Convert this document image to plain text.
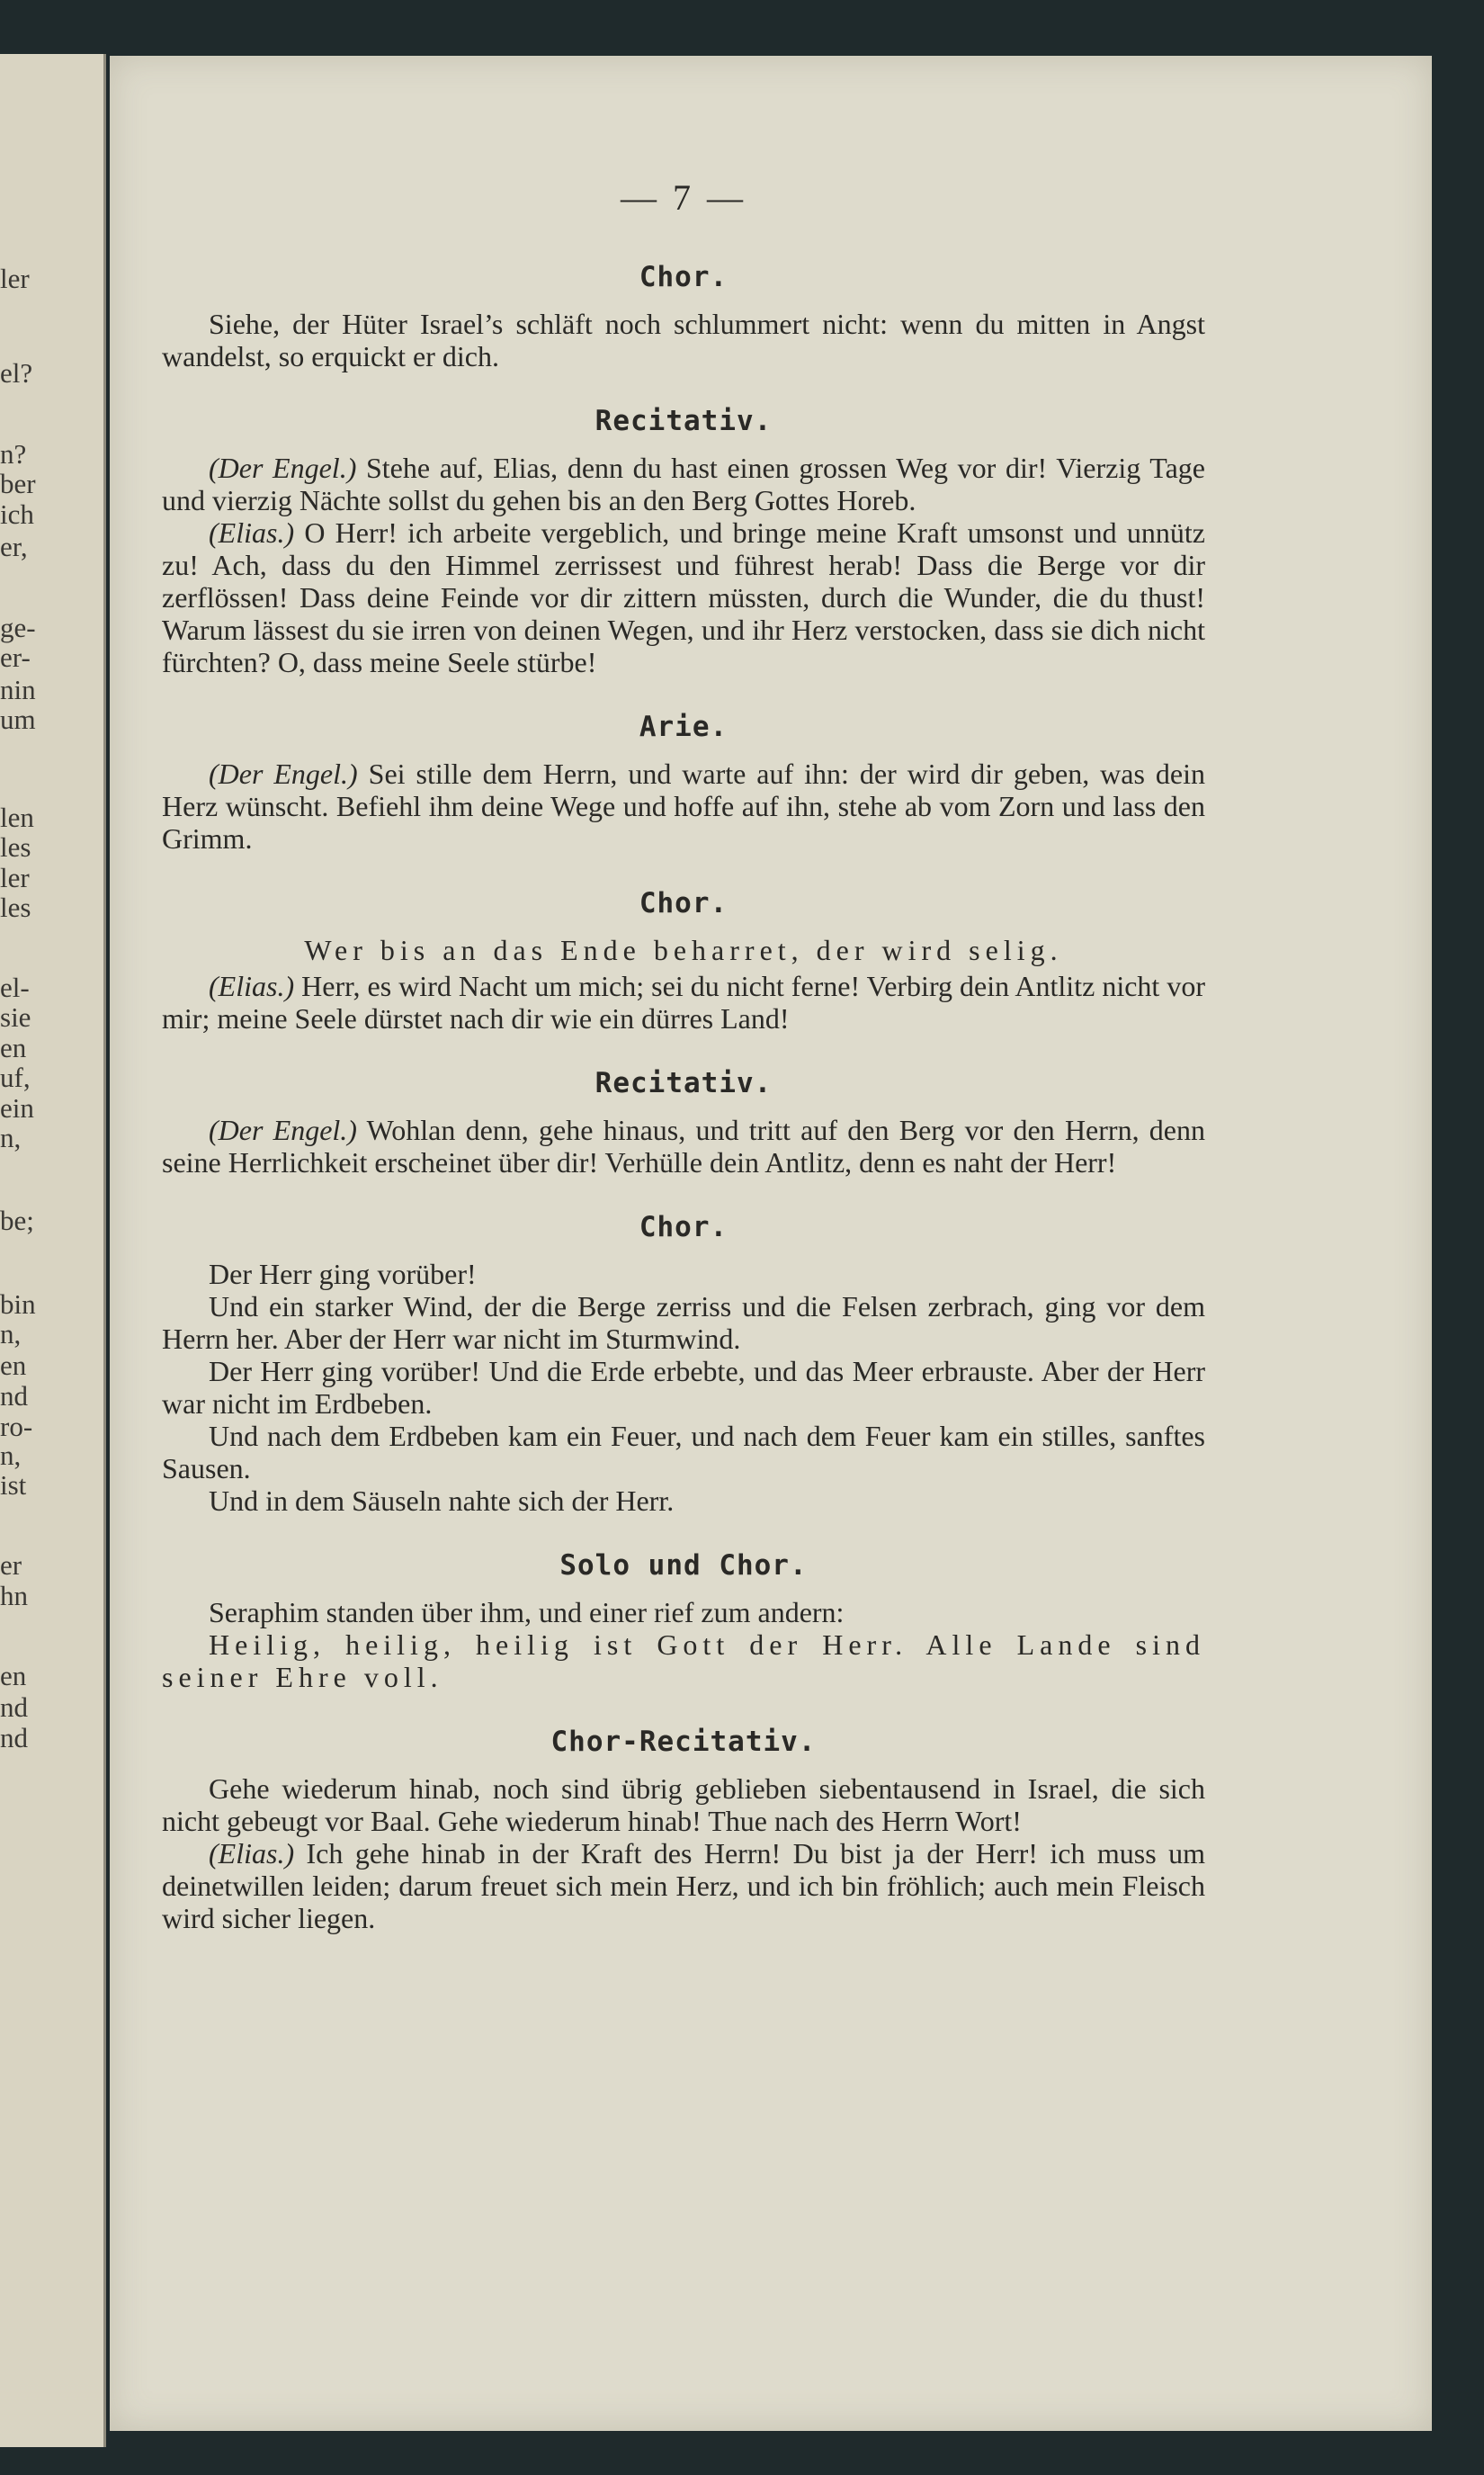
ler
el?
n?
ber
ich
er,
ge-
er-
nin
um
len
les
ler
les
el-
sie
en
uf,
ein
n,
be;
bin
n,
en
nd
ro-
n,
ist
er
hn
en
nd
nd
— 7 —
Chor.

Siehe, der Hüter Israel’s schläft noch schlummert nicht: wenn du mitten in Angst wandelst, so erquickt er dich.

Recitativ.

(Der Engel.) Stehe auf, Elias, denn du hast einen grossen Weg vor dir! Vierzig Tage und vierzig Nächte sollst du gehen bis an den Berg Gottes Horeb.

(Elias.) O Herr! ich arbeite vergeblich, und bringe meine Kraft umsonst und unnütz zu! Ach, dass du den Himmel zerrissest und führest herab! Dass die Berge vor dir zerflössen! Dass deine Feinde vor dir zittern müssten, durch die Wunder, die du thust! Warum lässest du sie irren von deinen Wegen, und ihr Herz verstocken, dass sie dich nicht fürchten? O, dass meine Seele stürbe!

Arie.

(Der Engel.) Sei stille dem Herrn, und warte auf ihn: der wird dir geben, was dein Herz wünscht. Befiehl ihm deine Wege und hoffe auf ihn, stehe ab vom Zorn und lass den Grimm.

Chor.

Wer bis an das Ende beharret, der wird selig.

(Elias.) Herr, es wird Nacht um mich; sei du nicht ferne! Verbirg dein Antlitz nicht vor mir; meine Seele dürstet nach dir wie ein dürres Land!

Recitativ.

(Der Engel.) Wohlan denn, gehe hinaus, und tritt auf den Berg vor den Herrn, denn seine Herrlichkeit erscheinet über dir! Verhülle dein Antlitz, denn es naht der Herr!

Chor.

Der Herr ging vorüber!

Und ein starker Wind, der die Berge zerriss und die Felsen zerbrach, ging vor dem Herrn her. Aber der Herr war nicht im Sturmwind.

Der Herr ging vorüber! Und die Erde erbebte, und das Meer erbrauste. Aber der Herr war nicht im Erdbeben.

Und nach dem Erdbeben kam ein Feuer, und nach dem Feuer kam ein stilles, sanftes Sausen.

Und in dem Säuseln nahte sich der Herr.

Solo und Chor.

Seraphim standen über ihm, und einer rief zum andern:

Heilig, heilig, heilig ist Gott der Herr. Alle Lande sind seiner Ehre voll.

Chor-Recitativ.

Gehe wiederum hinab, noch sind übrig geblieben siebentausend in Israel, die sich nicht gebeugt vor Baal. Gehe wiederum hinab! Thue nach des Herrn Wort!

(Elias.) Ich gehe hinab in der Kraft des Herrn! Du bist ja der Herr! ich muss um deinetwillen leiden; darum freuet sich mein Herz, und ich bin fröhlich; auch mein Fleisch wird sicher liegen.
